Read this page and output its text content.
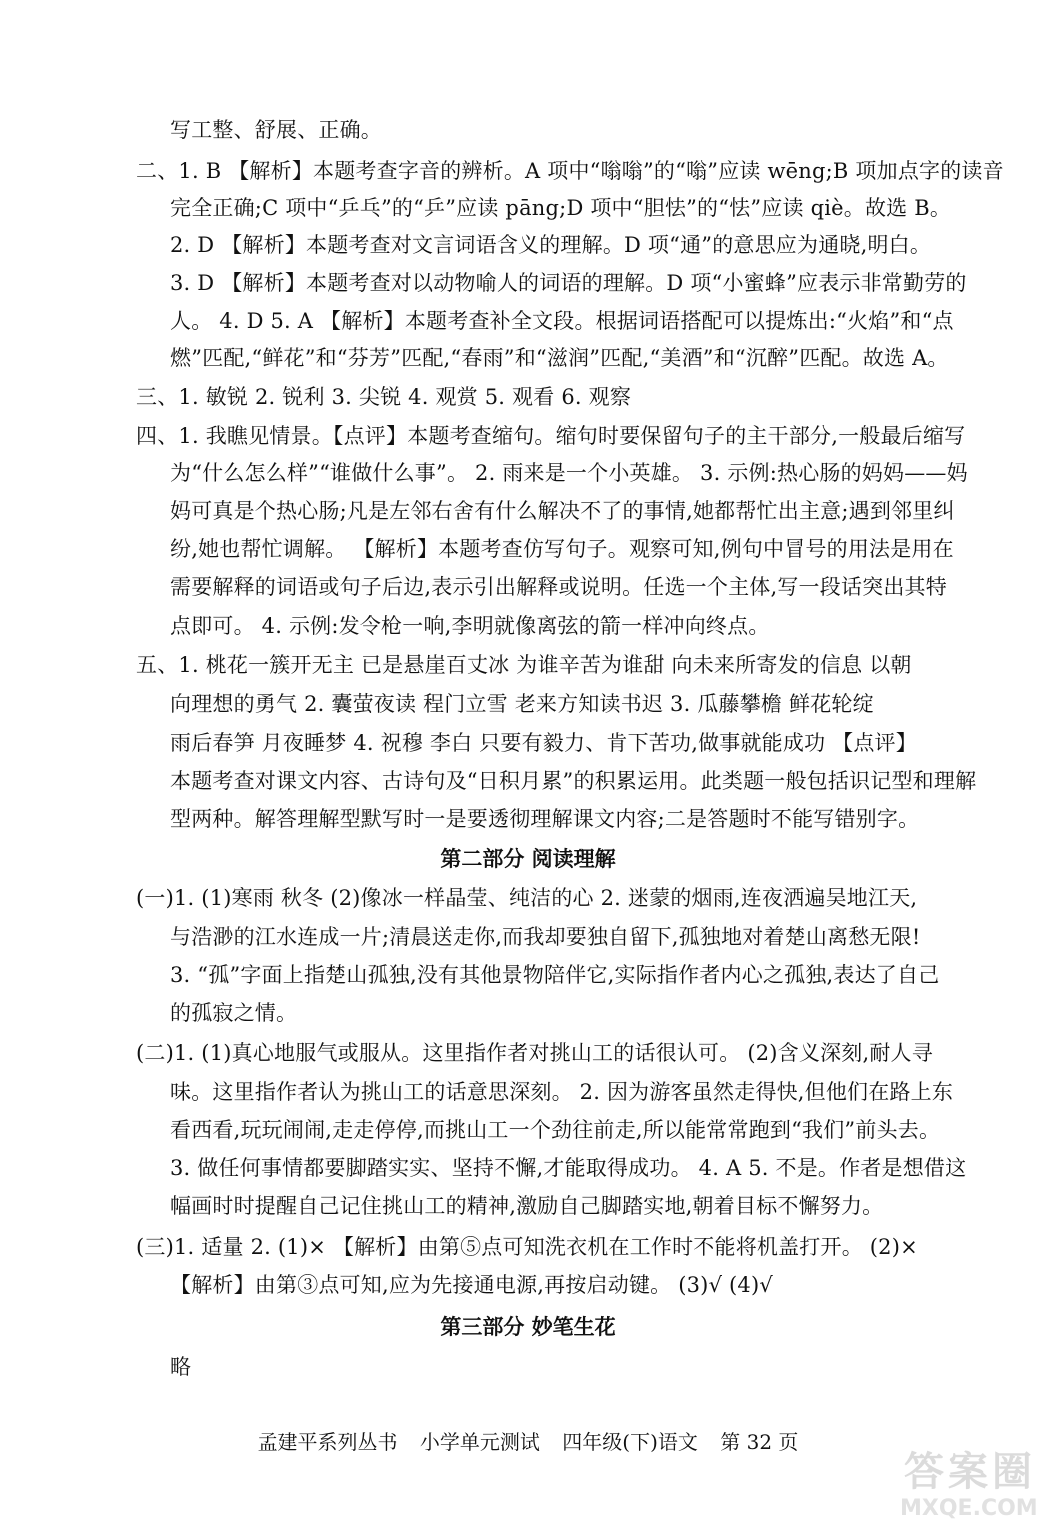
写工整、舒展、正确。
二、1. B 【解析】本题考查字音的辨析。A 项中“嗡嗡”的“嗡”应读 wēng;B 项加点字的读音
完全正确;C 项中“乒乓”的“乒”应读 pāng;D 项中“胆怯”的“怯”应读 qiè。故选 B。
2. D 【解析】本题考查对文言词语含义的理解。D 项“通”的意思应为通晓,明白。
3. D 【解析】本题考查对以动物喻人的词语的理解。D 项“小蜜蜂”应表示非常勤劳的
人。 4. D 5. A 【解析】本题考查补全文段。根据词语搭配可以提炼出:“火焰”和“点
燃”匹配,“鲜花”和“芬芳”匹配,“春雨”和“滋润”匹配,“美酒”和“沉醉”匹配。故选 A。
三、1. 敏锐 2. 锐利 3. 尖锐 4. 观赏 5. 观看 6. 观察
四、1. 我瞧见情景。【点评】本题考查缩句。缩句时要保留句子的主干部分,一般最后缩写
为“什么怎么样”“谁做什么事”。 2. 雨来是一个小英雄。 3. 示例:热心肠的妈妈——妈
妈可真是个热心肠;凡是左邻右舍有什么解决不了的事情,她都帮忙出主意;遇到邻里纠
纷,她也帮忙调解。 【解析】本题考查仿写句子。观察可知,例句中冒号的用法是用在
需要解释的词语或句子后边,表示引出解释或说明。任选一个主体,写一段话突出其特
点即可。 4. 示例:发令枪一响,李明就像离弦的箭一样冲向终点。
五、1. 桃花一簇开无主 已是悬崖百丈冰 为谁辛苦为谁甜 向未来所寄发的信息 以朝
向理想的勇气 2. 囊萤夜读 程门立雪 老来方知读书迟 3. 瓜藤攀檐 鲜花轮绽
雨后春笋 月夜睡梦 4. 祝穆 李白 只要有毅力、肯下苦功,做事就能成功 【点评】
本题考查对课文内容、古诗句及“日积月累”的积累运用。此类题一般包括识记型和理解
型两种。解答理解型默写时一是要透彻理解课文内容;二是答题时不能写错别字。
第二部分 阅读理解
(一)1. (1)寒雨 秋冬 (2)像冰一样晶莹、纯洁的心 2. 迷蒙的烟雨,连夜洒遍吴地江天,
与浩渺的江水连成一片;清晨送走你,而我却要独自留下,孤独地对着楚山离愁无限!
3. “孤”字面上指楚山孤独,没有其他景物陪伴它,实际指作者内心之孤独,表达了自己
的孤寂之情。
(二)1. (1)真心地服气或服从。这里指作者对挑山工的话很认可。 (2)含义深刻,耐人寻
味。这里指作者认为挑山工的话意思深刻。 2. 因为游客虽然走得快,但他们在路上东
看西看,玩玩闹闹,走走停停,而挑山工一个劲往前走,所以能常常跑到“我们”前头去。
3. 做任何事情都要脚踏实实、坚持不懈,才能取得成功。 4. A 5. 不是。作者是想借这
幅画时时提醒自己记住挑山工的精神,激励自己脚踏实地,朝着目标不懈努力。
(三)1. 适量 2. (1)× 【解析】由第⑤点可知洗衣机在工作时不能将机盖打开。 (2)×
【解析】由第③点可知,应为先接通电源,再按启动键。 (3)√ (4)√
第三部分 妙笔生花
略
孟建平系列丛书 小学单元测试 四年级(下)语文 第 32 页
答案圈
MXQE.COM
